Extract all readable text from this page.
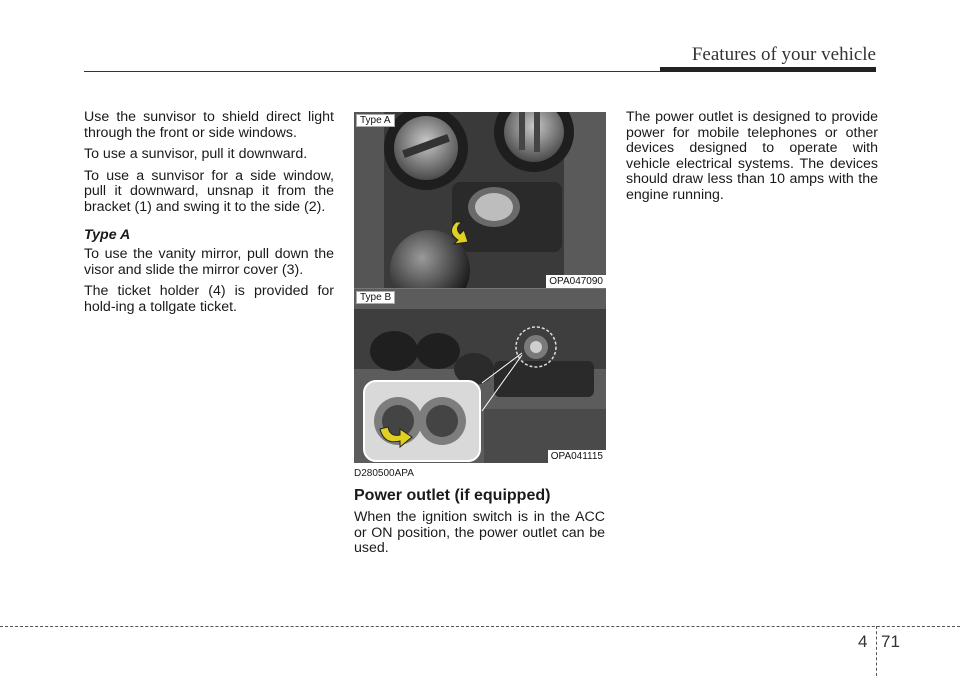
Features of your vehicle

Use the sunvisor to shield direct light through the front or side windows.

To use a sunvisor, pull it downward.

To use a sunvisor for a side window, pull it downward, unsnap it from the bracket (1) and swing it to the side (2).

Type A

To use the vanity mirror, pull down the visor and slide the mirror cover (3).

The ticket holder (4) is provided for hold-ing a tollgate ticket.

Type A
OPA047090
Type B
OPA041115
D280500APA
Power outlet (if equipped)

When the ignition switch is in the ACC or ON position, the power outlet can be used.

The power outlet is designed to provide power for mobile telephones or other devices designed to operate with vehicle electrical systems. The devices should draw less than 10 amps with the engine running.

4 71
